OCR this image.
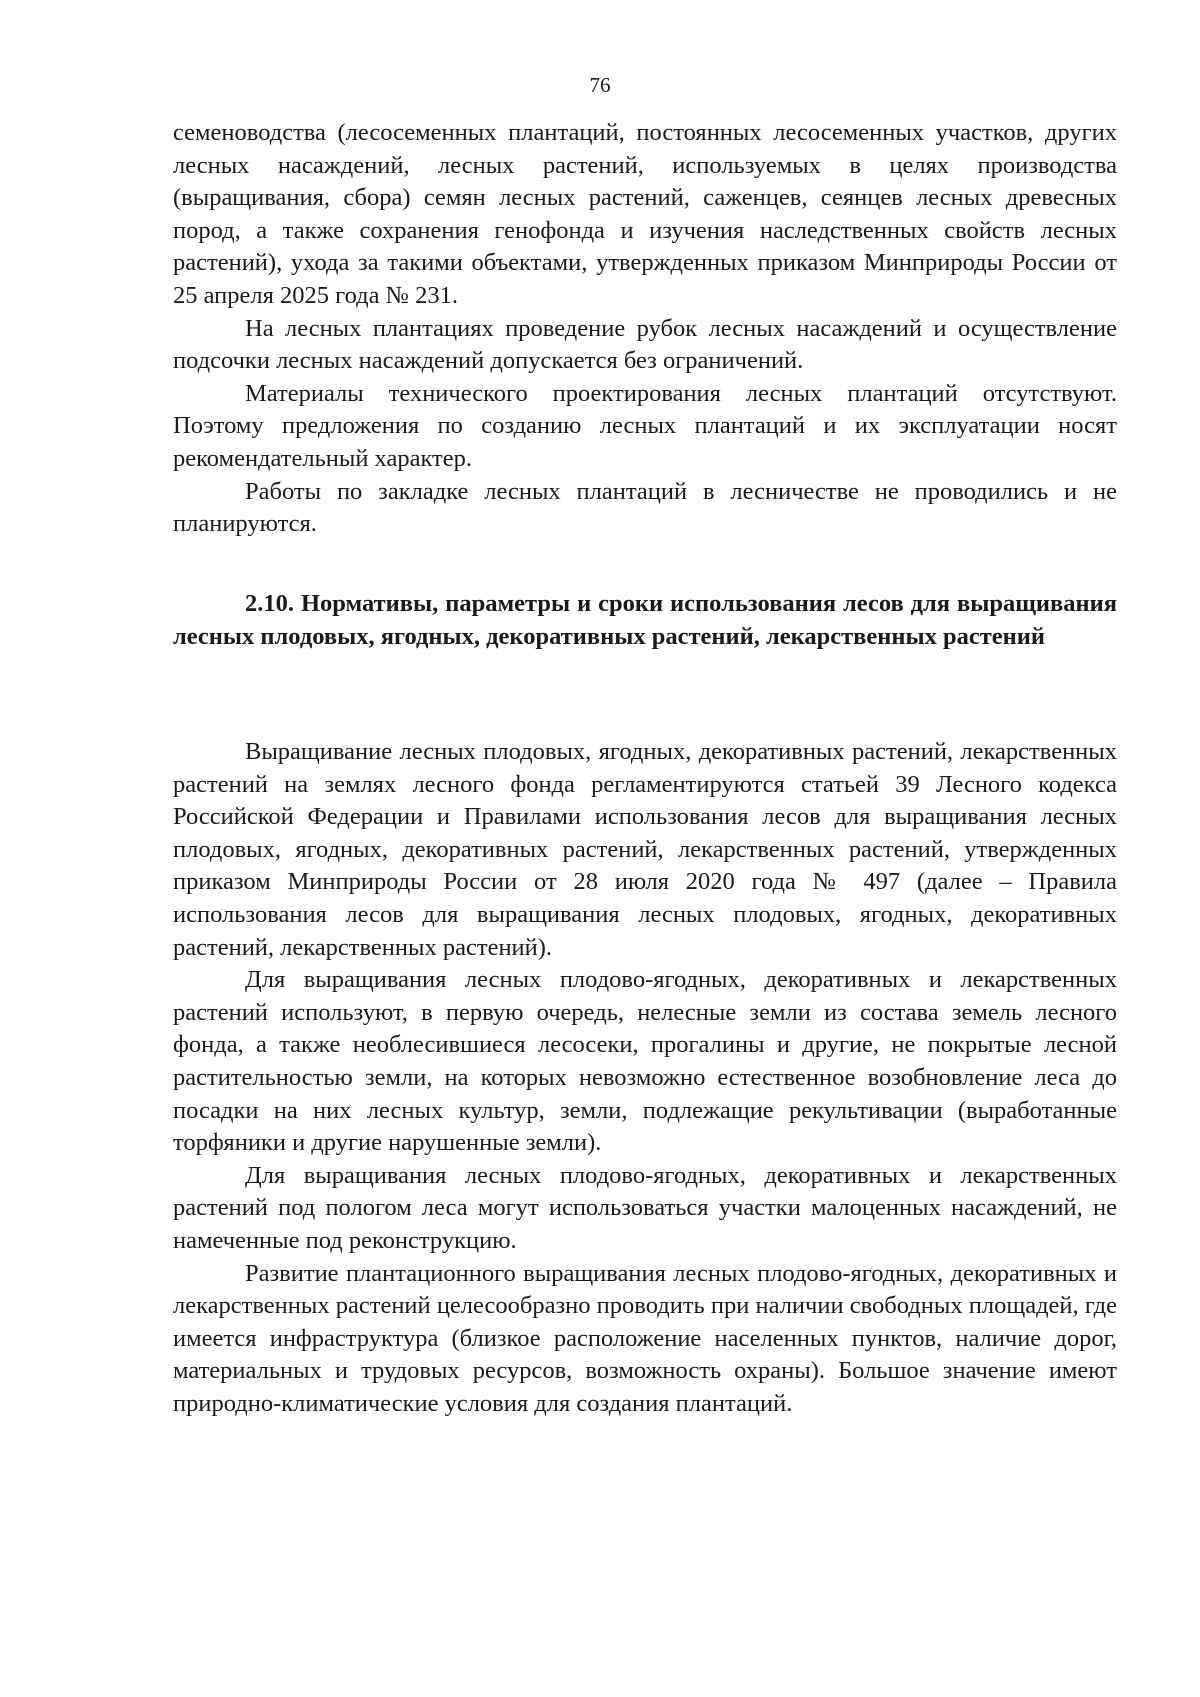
76

семеноводства (лесосеменных плантаций, постоянных лесосеменных участков, других лесных насаждений, лесных растений, используемых в целях производства (выращивания, сбора) семян лесных растений, саженцев, сеянцев лесных древесных пород, а также сохранения генофонда и изучения наследственных свойств лесных растений), ухода за такими объектами, утвержденных приказом Минприроды России от 25 апреля 2025 года № 231.

На лесных плантациях проведение рубок лесных насаждений и осуществление подсочки лесных насаждений допускается без ограничений.

Материалы технического проектирования лесных плантаций отсутствуют. Поэтому предложения по созданию лесных плантаций и их эксплуатации носят рекомендательный характер.

Работы по закладке лесных плантаций в лесничестве не проводились и не планируются.

2.10. Нормативы, параметры и сроки использования лесов для выращивания лесных плодовых, ягодных, декоративных растений, лекарственных растений

Выращивание лесных плодовых, ягодных, декоративных растений, лекарственных растений на землях лесного фонда регламентируются статьей 39 Лесного кодекса Российской Федерации и Правилами использования лесов для выращивания лесных плодовых, ягодных, декоративных растений, лекарственных растений, утвержденных приказом Минприроды России от 28 июля 2020 года № 497 (далее – Правила использования лесов для выращивания лесных плодовых, ягодных, декоративных растений, лекарственных растений).

Для выращивания лесных плодово-ягодных, декоративных и лекарственных растений используют, в первую очередь, нелесные земли из состава земель лесного фонда, а также необлесившиеся лесосеки, прогалины и другие, не покрытые лесной растительностью земли, на которых невозможно естественное возобновление леса до посадки на них лесных культур, земли, подлежащие рекультивации (выработанные торфяники и другие нарушенные земли).

Для выращивания лесных плодово-ягодных, декоративных и лекарственных растений под пологом леса могут использоваться участки малоценных насаждений, не намеченные под реконструкцию.

Развитие плантационного выращивания лесных плодово-ягодных, декоративных и лекарственных растений целесообразно проводить при наличии свободных площадей, где имеется инфраструктура (близкое расположение населенных пунктов, наличие дорог, материальных и трудовых ресурсов, возможность охраны). Большое значение имеют природно-климатические условия для создания плантаций.
